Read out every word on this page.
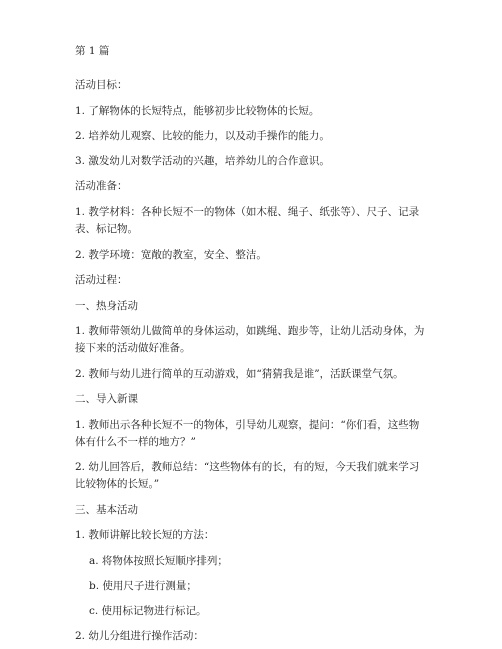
第 1 篇
活动目标：
1. 了解物体的长短特点，能够初步比较物体的长短。
2. 培养幼儿观察、比较的能力，以及动手操作的能力。
3. 激发幼儿对数学活动的兴趣，培养幼儿的合作意识。
活动准备：
1. 教学材料：各种长短不一的物体（如木棍、绳子、纸张等）、尺子、记录表、标记物。
2. 教学环境：宽敞的教室，安全、整洁。
活动过程：
一、热身活动
1. 教师带领幼儿做简单的身体运动，如跳绳、跑步等，让幼儿活动身体，为接下来的活动做好准备。
2. 教师与幼儿进行简单的互动游戏，如“猜猜我是谁”，活跃课堂气氛。
二、导入新课
1. 教师出示各种长短不一的物体，引导幼儿观察，提问：“你们看，这些物体有什么不一样的地方？”
2. 幼儿回答后，教师总结：“这些物体有的长，有的短，今天我们就来学习比较物体的长短。”
三、基本活动
1. 教师讲解比较长短的方法：
a. 将物体按照长短顺序排列；
b. 使用尺子进行测量；
c. 使用标记物进行标记。
2. 幼儿分组进行操作活动：
